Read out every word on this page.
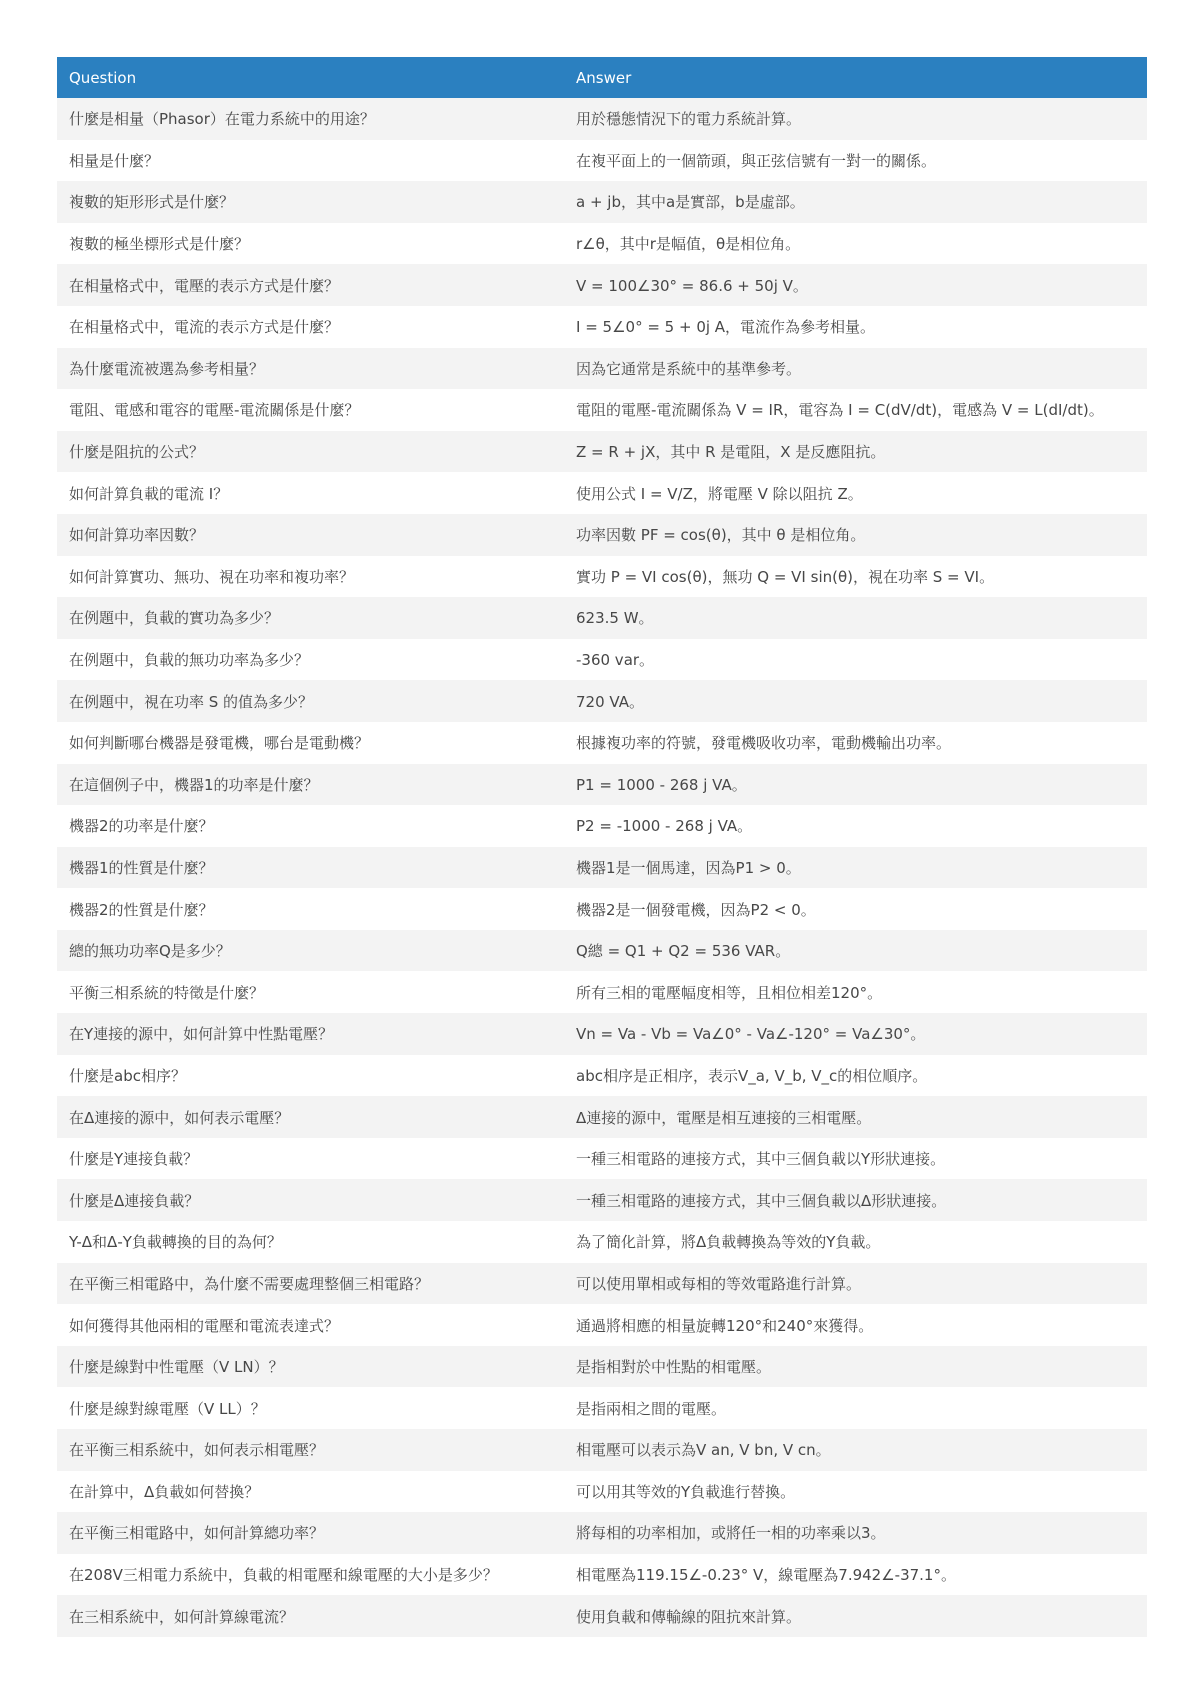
Question	Answer
什麼是相量（Phasor）在電力系統中的用途？	用於穩態情況下的電力系統計算。
相量是什麼？	在複平面上的一個箭頭，與正弦信號有一對一的關係。
複數的矩形形式是什麼？	a + jb，其中a是實部，b是虛部。
複數的極坐標形式是什麼？	r∠θ，其中r是幅值，θ是相位角。
在相量格式中，電壓的表示方式是什麼？	V = 100∠30° = 86.6 + 50j V。
在相量格式中，電流的表示方式是什麼？	I = 5∠0° = 5 + 0j A，電流作為參考相量。
為什麼電流被選為參考相量？	因為它通常是系統中的基準參考。
電阻、電感和電容的電壓-電流關係是什麼？	電阻的電壓-電流關係為 V = IR，電容為 I = C(dV/dt)，電感為 V = L(dI/dt)。
什麼是阻抗的公式？	Z = R + jX，其中 R 是電阻，X 是反應阻抗。
如何計算負載的電流 I？	使用公式 I = V/Z，將電壓 V 除以阻抗 Z。
如何計算功率因數？	功率因數 PF = cos(θ)，其中 θ 是相位角。
如何計算實功、無功、視在功率和複功率？	實功 P = VI cos(θ)，無功 Q = VI sin(θ)，視在功率 S = VI。
在例題中，負載的實功為多少？	623.5 W。
在例題中，負載的無功功率為多少？	-360 var。
在例題中，視在功率 S 的值為多少？	720 VA。
如何判斷哪台機器是發電機，哪台是電動機？	根據複功率的符號，發電機吸收功率，電動機輸出功率。
在這個例子中，機器1的功率是什麼？	P1 = 1000 - 268 j VA。
機器2的功率是什麼？	P2 = -1000 - 268 j VA。
機器1的性質是什麼？	機器1是一個馬達，因為P1 > 0。
機器2的性質是什麼？	機器2是一個發電機，因為P2 < 0。
總的無功功率Q是多少？	Q總 = Q1 + Q2 = 536 VAR。
平衡三相系統的特徵是什麼？	所有三相的電壓幅度相等，且相位相差120°。
在Y連接的源中，如何計算中性點電壓？	Vn = Va - Vb = Va∠0° - Va∠-120° = Va∠30°。
什麼是abc相序？	abc相序是正相序，表示V_a, V_b, V_c的相位順序。
在Δ連接的源中，如何表示電壓？	Δ連接的源中，電壓是相互連接的三相電壓。
什麼是Y連接負載？	一種三相電路的連接方式，其中三個負載以Y形狀連接。
什麼是Δ連接負載？	一種三相電路的連接方式，其中三個負載以Δ形狀連接。
Y-Δ和Δ-Y負載轉換的目的為何？	為了簡化計算，將Δ負載轉換為等效的Y負載。
在平衡三相電路中，為什麼不需要處理整個三相電路？	可以使用單相或每相的等效電路進行計算。
如何獲得其他兩相的電壓和電流表達式？	通過將相應的相量旋轉120°和240°來獲得。
什麼是線對中性電壓（V LN）？	是指相對於中性點的相電壓。
什麼是線對線電壓（V LL）？	是指兩相之間的電壓。
在平衡三相系統中，如何表示相電壓？	相電壓可以表示為V an, V bn, V cn。
在計算中，Δ負載如何替換？	可以用其等效的Y負載進行替換。
在平衡三相電路中，如何計算總功率？	將每相的功率相加，或將任一相的功率乘以3。
在208V三相電力系統中，負載的相電壓和線電壓的大小是多少？	相電壓為119.15∠-0.23° V，線電壓為7.942∠-37.1°。
在三相系統中，如何計算線電流？	使用負載和傳輸線的阻抗來計算。
